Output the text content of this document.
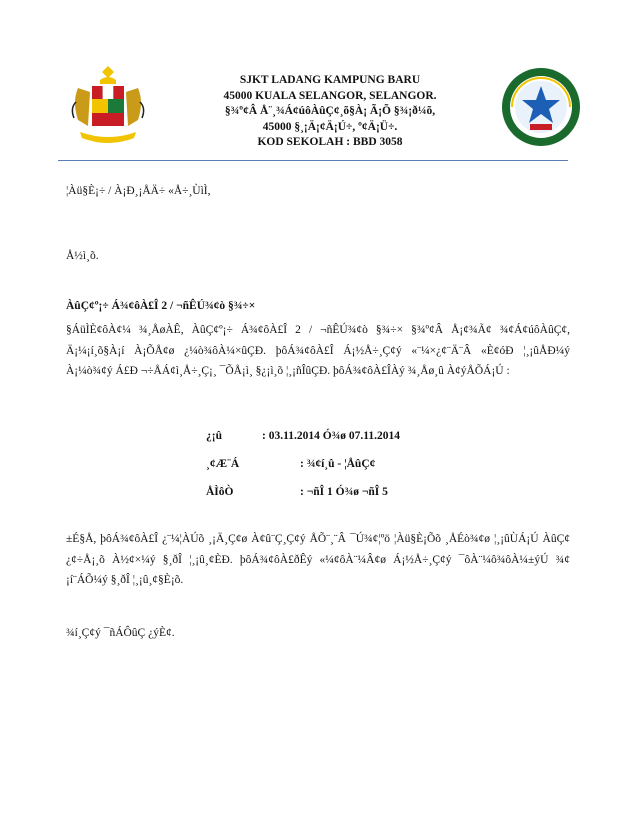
SJKT LADANG KAMPUNG BARU
45000 KUALA SELANGOR, SELANGOR.
§¾º¢Â Å¨¸¾Á¢úôÀûÇ¢¸õ§À¡ Ã¡Õ §¾¡ð¼õ,
45000 §¸¡Ä¡¢Ä¡Ú÷, º¢Ä¡Ü÷.
KOD SEKOLAH : BBD 3058
¦Àü§È¡÷ / À¡Ð¸¡ÅÄ÷ «Å÷¸ÙìÌ,
Å½ì¸õ.
ÀûÇ¢º¡÷ Á¾¢ôÀ£Î 2 / ¬ñÊÚ¾¢ò §¾÷×
§ÁüÌÈ¢ôÀ¢¼ ¾¸ÅøÀÊ, ÀûÇ¢º¡÷ Á¾¢ôÀ£Î 2 / ¬ñÊÚ¾¢ò §¾÷× §¾º¢Â Å¡¢¾Ã¢ ¾¢Á¢úôÀûÇ¢, Ä¡¼¡í¸õ§À¡í À¡ÕÅ¢ø ¿¼ò¾ôÀ¼×ûÇÐ. þôÁ¾¢ôÀ£Î Á¡½Å÷¸Ç¢ý «¨¼×¿¢¨Ä¨Â «È¢óÐ ¦¸¡ûÅÐ¼ý À¡¼ò¾¢ý Á£Ð ¬÷ÅÁ¢ì¸Å÷¸Ç¡¸ ¯ÕÅ¡ì¸ §¿¡ì¸õ ¦¸¡ñÎûÇÐ. þôÁ¾¢ôÀ£ÎÀý ¾¸Åø¸û À¢ýÅÕÁ¡Ú :
¿¡û	: 03.11.2014 Ó¾ø 07.11.2014
¸¢Æ¨Á	: ¾¢í¸û - ¦ÅûÇ¢
ÅÌôÒ	: ¬ñÎ 1 Ó¾ø ¬ñÎ 5
±É§Å, þôÁ¾¢ôÀ£Î ¿¨¼¦ÀÚõ ¸¡Ä¸Ç¢ø À¢û¨Ç¸Ç¢ý ÅÕ¨¸¨Â ¯Ú¾¢¦ºö ¦Àü§È¡Õõ ¸ÅÉò¾¢ø ¦¸¡ûÙÁ¡Ú ÀûÇ¢ ¿¢÷Å¡¸õ À½¢×¼ý §¸ðÎ ¦¸¡û¸¢ÈÐ. þôÁ¾¢ôÀ£ðÊý «¼¢ôÀ¨¼Â¢ø Á¡½Å÷¸Ç¢ý ¯ôÀ¨¼ô¾ôÀ¼±ýÚ ¾¢¡í¨ÁÕ¼ý §¸ðÎ ¦¸¡û¸¢§È¡õ.
¾í¸Ç¢ý ¯ñÁÔûÇ ¿ýÈ¢.
